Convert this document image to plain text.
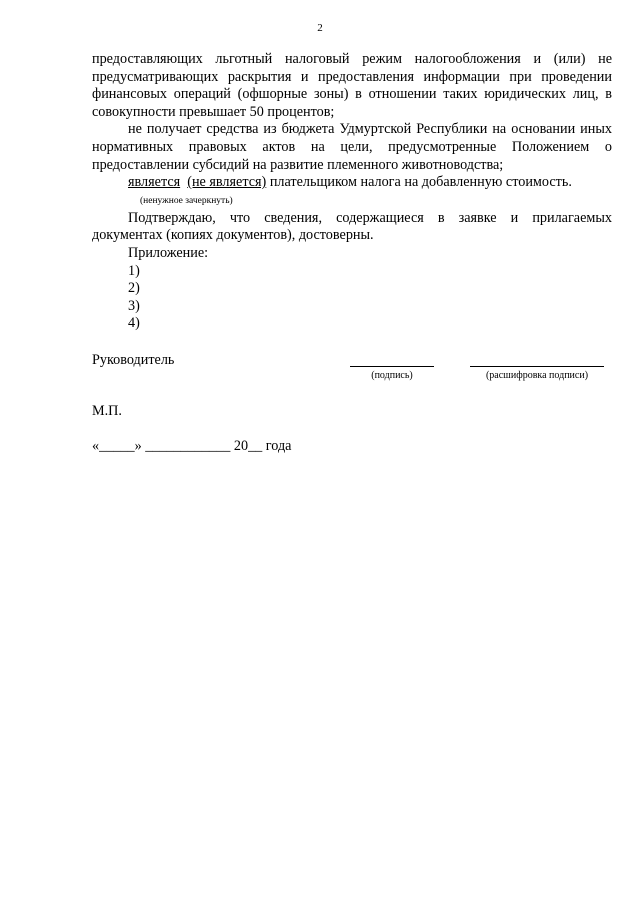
2

предоставляющих льготный налоговый режим налогообложения и (или) не предусматривающих раскрытия и предоставления информации при проведении финансовых операций (офшорные зоны) в отношении таких юридических лиц, в совокупности превышает 50 процентов;

не получает средства из бюджета Удмуртской Республики на основании иных нормативных правовых актов на цели, предусмотренные Положением о предоставлении субсидий на развитие племенного животноводства;

является (не является) плательщиком налога на добавленную стоимость.

(ненужное зачеркнуть)

Подтверждаю, что сведения, содержащиеся в заявке и прилагаемых документах (копиях документов), достоверны.

Приложение:

1)

2)

3)

4)

Руководитель
(подпись)	(расшифровка подписи)
М.П.
«_____» ____________ 20__ года
